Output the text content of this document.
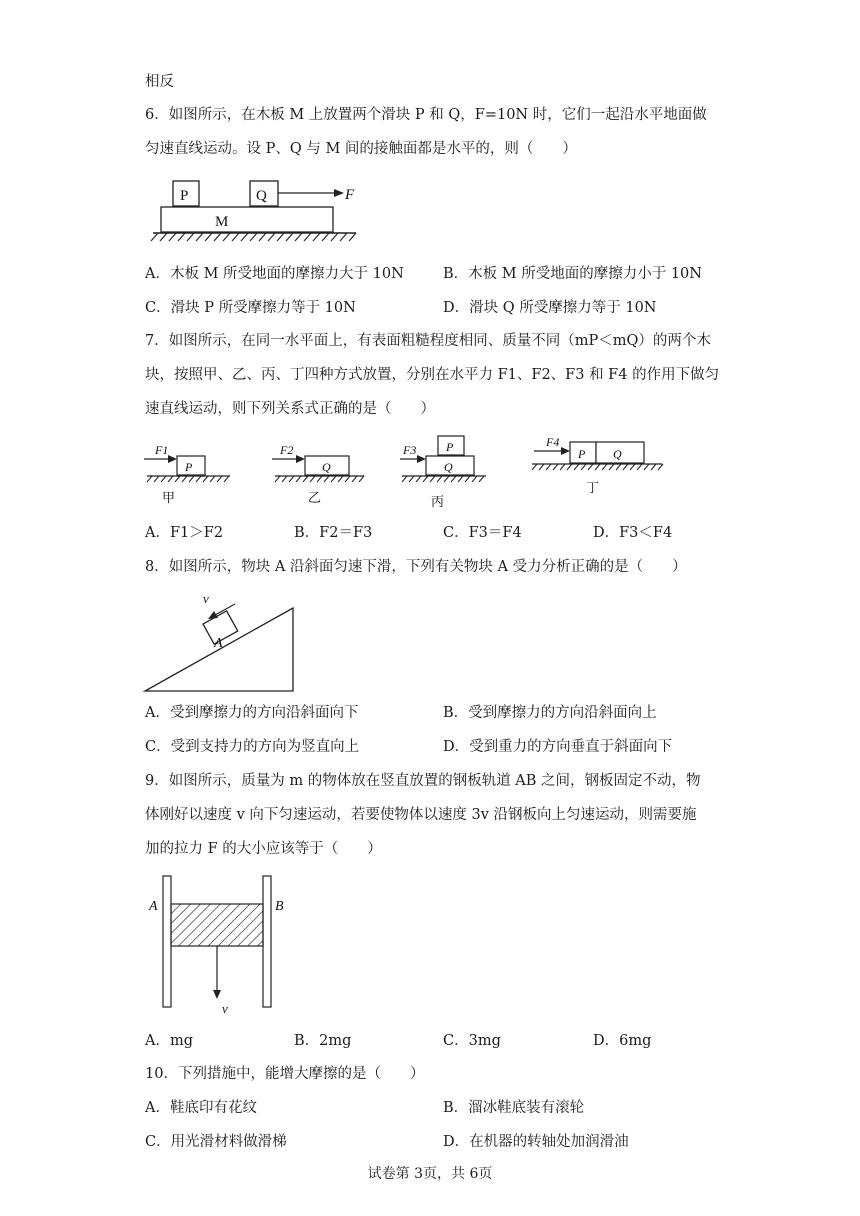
相反
6．如图所示，在木板 M 上放置两个滑块 P 和 Q，F=10N 时，它们一起沿水平地面做
匀速直线运动。设 P、Q 与 M 间的接触面都是水平的，则（　　）
P	Q	F
M
A．木板 M 所受地面的摩擦力大于 10N	B．木板 M 所受地面的摩擦力小于 10N
C．滑块 P 所受摩擦力等于 10N	D．滑块 Q 所受摩擦力等于 10N
7．如图所示，在同一水平面上，有表面粗糙程度相同、质量不同（mP＜mQ）的两个木
块，按照甲、乙、丙、丁四种方式放置，分别在水平力 F1、F2、F3 和 F4 的作用下做匀
速直线运动，则下列关系式正确的是（　　）
F1
P
甲
F2
Q
乙
F3 P
Q
丙
F4
P Q
丁
A．F1＞F2	B．F2＝F3	C．F3＝F4	D．F3＜F4
8．如图所示，物块 A 沿斜面匀速下滑，下列有关物块 A 受力分析正确的是（　　）
A
v
A．受到摩擦力的方向沿斜面向下	B．受到摩擦力的方向沿斜面向上
C．受到支持力的方向为竖直向上	D．受到重力的方向垂直于斜面向下
9．如图所示，质量为 m 的物体放在竖直放置的钢板轨道 AB 之间，钢板固定不动，物
体刚好以速度 v 向下匀速运动，若要使物体以速度 3v 沿钢板向上匀速运动，则需要施
加的拉力 F 的大小应该等于（　　）
v
A	B
A．mg	B．2mg	C．3mg	D．6mg
10．下列措施中，能增大摩擦的是（　　）
A．鞋底印有花纹	B．溜冰鞋底装有滚轮
C．用光滑材料做滑梯	D．在机器的转轴处加润滑油
试卷第 3页，共 6页
